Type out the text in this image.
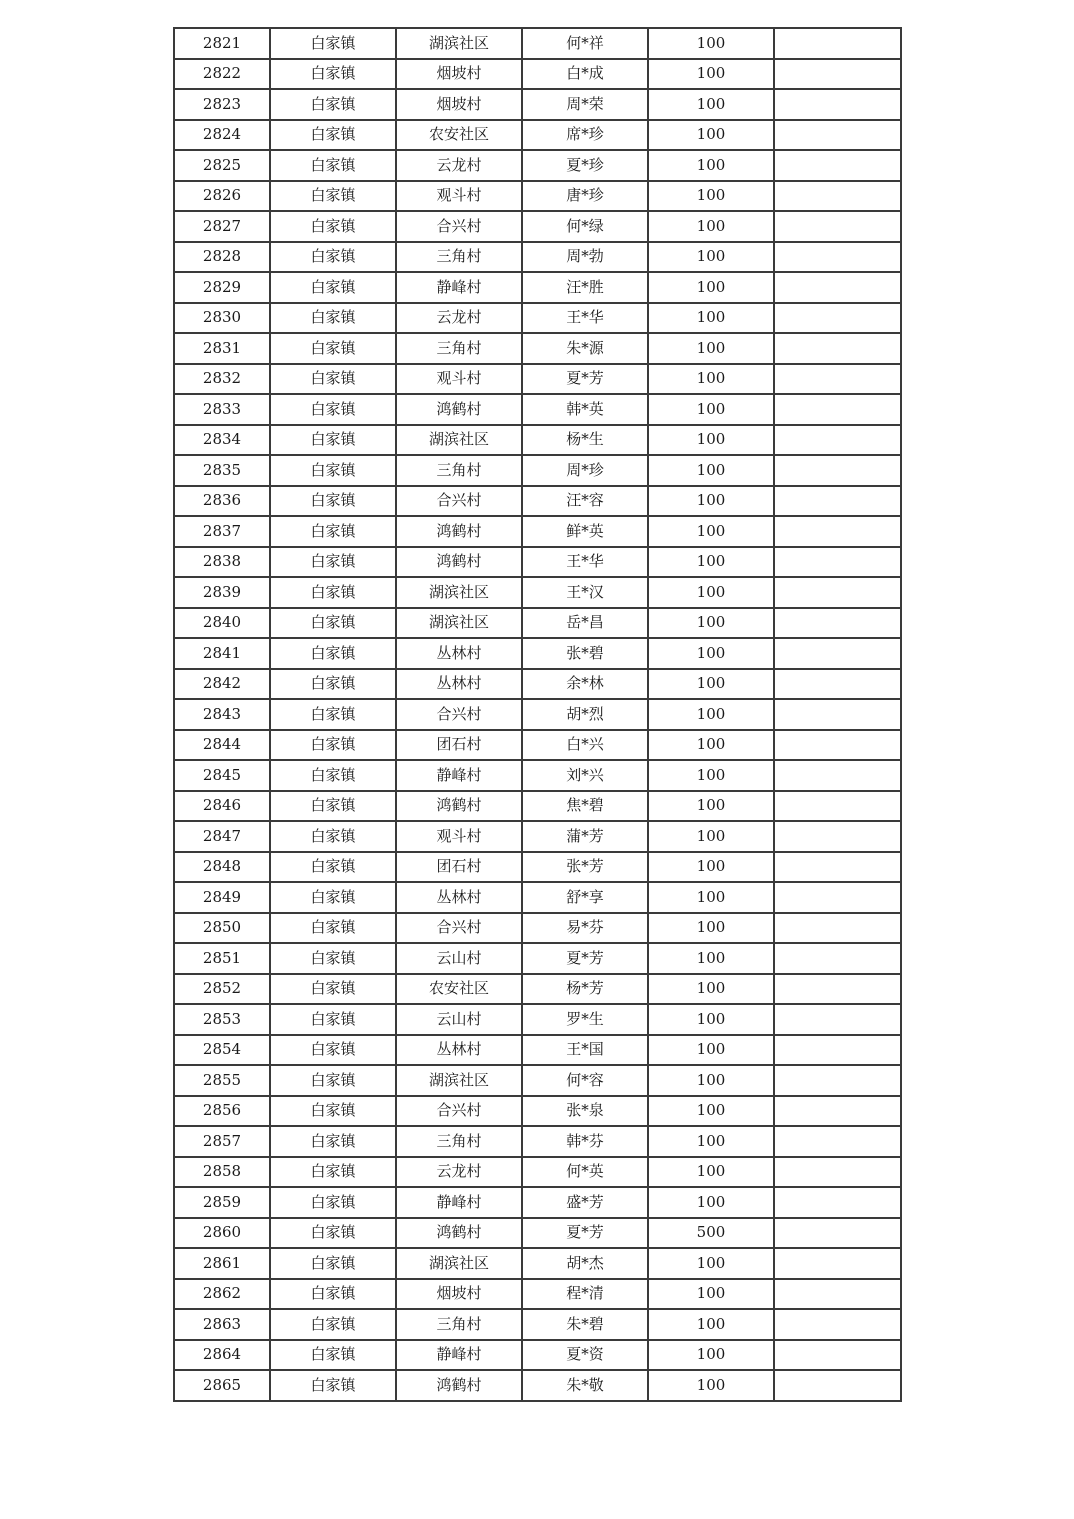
2821	白家镇	湖滨社区	何*祥	100	
2822	白家镇	烟坡村	白*成	100	
2823	白家镇	烟坡村	周*荣	100	
2824	白家镇	农安社区	席*珍	100	
2825	白家镇	云龙村	夏*珍	100	
2826	白家镇	观斗村	唐*珍	100	
2827	白家镇	合兴村	何*绿	100	
2828	白家镇	三角村	周*勃	100	
2829	白家镇	静峰村	汪*胜	100	
2830	白家镇	云龙村	王*华	100	
2831	白家镇	三角村	朱*源	100	
2832	白家镇	观斗村	夏*芳	100	
2833	白家镇	鸿鹤村	韩*英	100	
2834	白家镇	湖滨社区	杨*生	100	
2835	白家镇	三角村	周*珍	100	
2836	白家镇	合兴村	汪*容	100	
2837	白家镇	鸿鹤村	鲜*英	100	
2838	白家镇	鸿鹤村	王*华	100	
2839	白家镇	湖滨社区	王*汉	100	
2840	白家镇	湖滨社区	岳*昌	100	
2841	白家镇	丛林村	张*碧	100	
2842	白家镇	丛林村	余*林	100	
2843	白家镇	合兴村	胡*烈	100	
2844	白家镇	团石村	白*兴	100	
2845	白家镇	静峰村	刘*兴	100	
2846	白家镇	鸿鹤村	焦*碧	100	
2847	白家镇	观斗村	蒲*芳	100	
2848	白家镇	团石村	张*芳	100	
2849	白家镇	丛林村	舒*享	100	
2850	白家镇	合兴村	易*芬	100	
2851	白家镇	云山村	夏*芳	100	
2852	白家镇	农安社区	杨*芳	100	
2853	白家镇	云山村	罗*生	100	
2854	白家镇	丛林村	王*国	100	
2855	白家镇	湖滨社区	何*容	100	
2856	白家镇	合兴村	张*泉	100	
2857	白家镇	三角村	韩*芬	100	
2858	白家镇	云龙村	何*英	100	
2859	白家镇	静峰村	盛*芳	100	
2860	白家镇	鸿鹤村	夏*芳	500	
2861	白家镇	湖滨社区	胡*杰	100	
2862	白家镇	烟坡村	程*清	100	
2863	白家镇	三角村	朱*碧	100	
2864	白家镇	静峰村	夏*资	100	
2865	白家镇	鸿鹤村	朱*敬	100	
